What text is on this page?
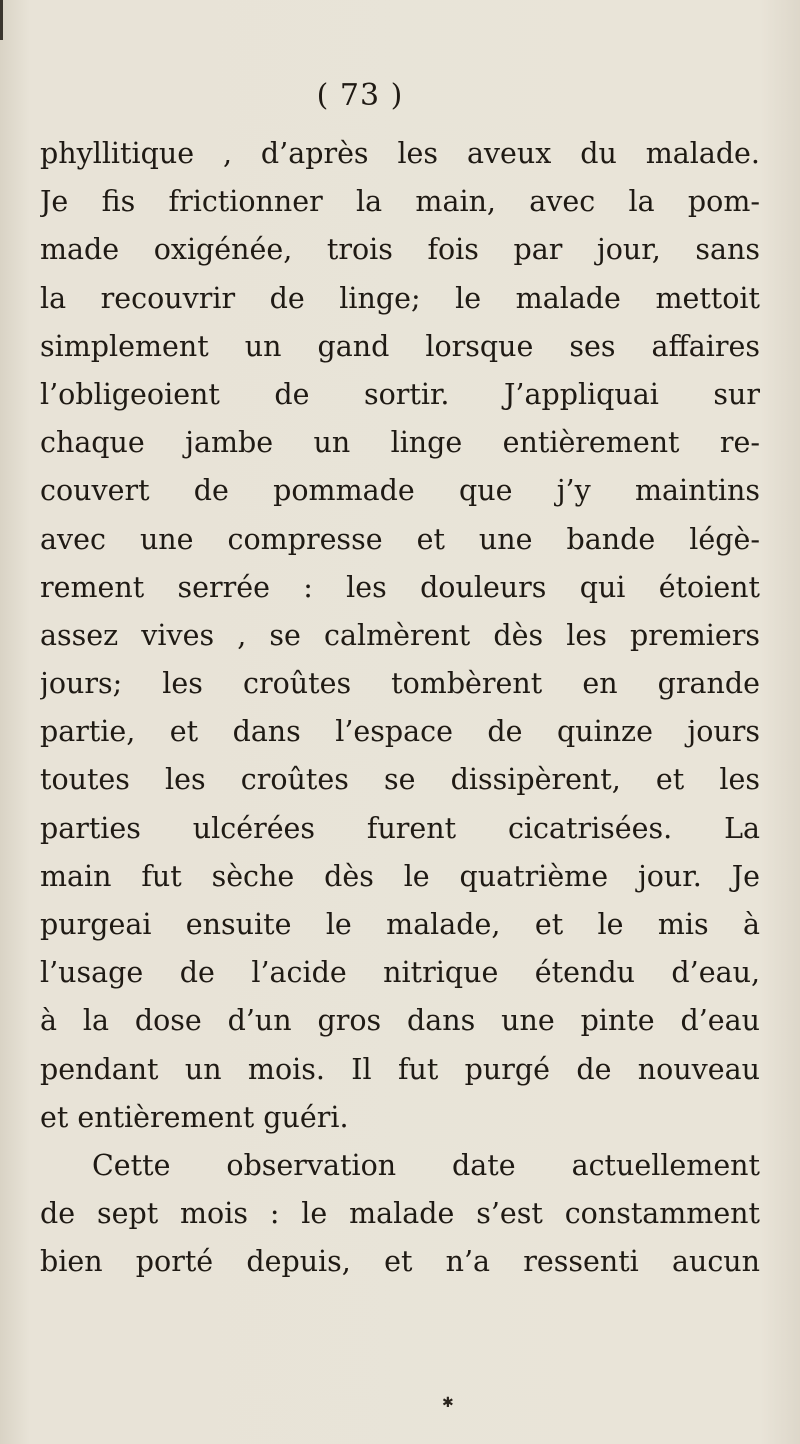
( 73 )
phyllitique , d’après les aveux du malade.
Je fis frictionner la main, avec la pom-
made oxigénée, trois fois par jour, sans
la recouvrir de linge; le malade mettoit
simplement un gand lorsque ses affaires
l’obligeoient de sortir. J’appliquai sur
chaque jambe un linge entièrement re-
couvert de pommade que j’y maintins
avec une compresse et une bande légè-
rement serrée : les douleurs qui étoient
assez vives , se calmèrent dès les premiers
jours; les croûtes tombèrent en grande
partie, et dans l’espace de quinze jours
toutes les croûtes se dissipèrent, et les
parties ulcérées furent cicatrisées. La
main fut sèche dès le quatrième jour. Je
purgeai ensuite le malade, et le mis à
l’usage de l’acide nitrique étendu d’eau,
à la dose d’un gros dans une pinte d’eau
pendant un mois. Il fut purgé de nouveau
et entièrement guéri.
Cette observation date actuellement
de sept mois : le malade s’est constamment
bien porté depuis, et n’a ressenti aucun
✱
